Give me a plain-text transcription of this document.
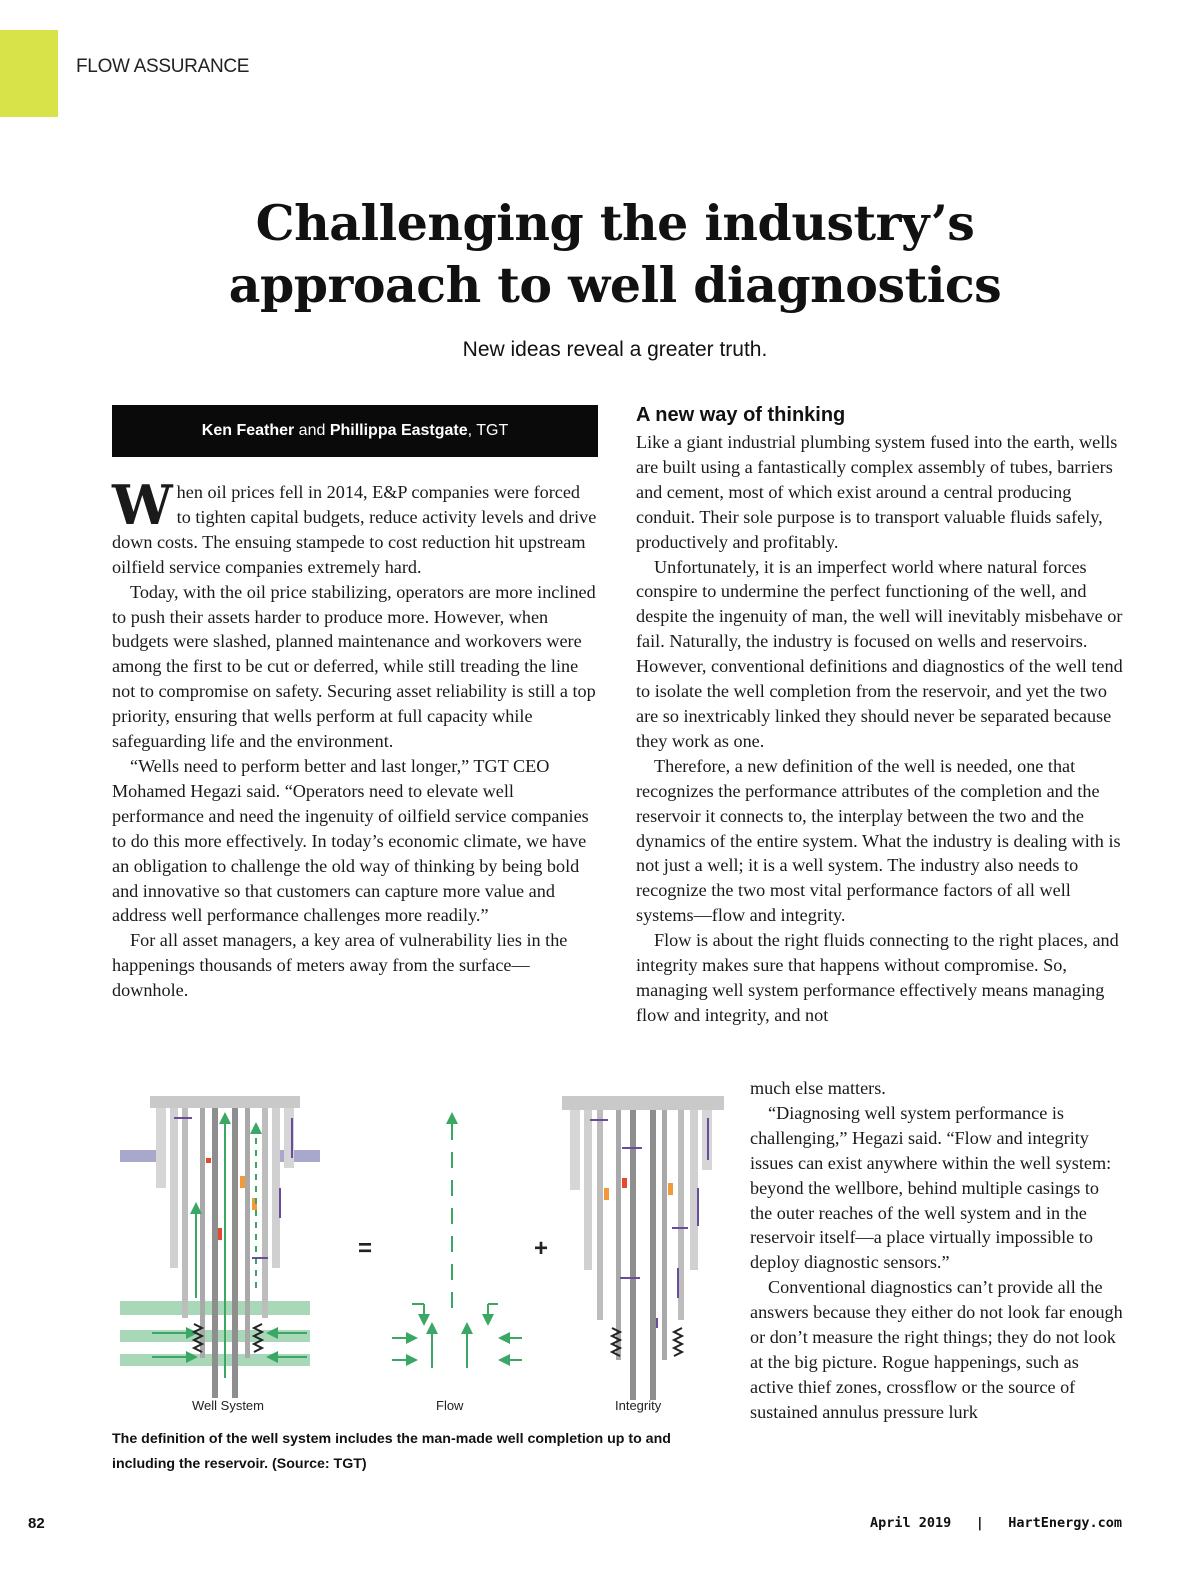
FLOW ASSURANCE
Challenging the industry’s
approach to well diagnostics
New ideas reveal a greater truth.
Ken Feather and Phillippa Eastgate, TGT

When oil prices fell in 2014, E&P companies were forced to tighten capital budgets, reduce activity levels and drive down costs. The ensuing stampede to cost reduction hit upstream oilfield service companies extremely hard.

Today, with the oil price stabilizing, operators are more inclined to push their assets harder to produce more. However, when budgets were slashed, planned maintenance and workovers were among the first to be cut or deferred, while still treading the line not to compromise on safety. Securing asset reliability is still a top priority, ensuring that wells perform at full capacity while safeguarding life and the environment.

“Wells need to perform better and last longer,” TGT CEO Mohamed Hegazi said. “Operators need to elevate well performance and need the ingenuity of oilfield service companies to do this more effectively. In today’s economic climate, we have an obligation to challenge the old way of thinking by being bold and innovative so that customers can capture more value and address well performance challenges more readily.”

For all asset managers, a key area of vulnerability lies in the happenings thousands of meters away from the surface—downhole.

A new way of thinking

Like a giant industrial plumbing system fused into the earth, wells are built using a fantastically complex assembly of tubes, barriers and cement, most of which exist around a central producing conduit. Their sole purpose is to transport valuable fluids safely, productively and profitably.

Unfortunately, it is an imperfect world where natural forces conspire to undermine the perfect functioning of the well, and despite the ingenuity of man, the well will inevitably misbehave or fail. Naturally, the industry is focused on wells and reservoirs. However, conventional definitions and diagnostics of the well tend to isolate the well completion from the reservoir, and yet the two are so inextricably linked they should never be separated because they work as one.

Therefore, a new definition of the well is needed, one that recognizes the performance attributes of the completion and the reservoir it connects to, the interplay between the two and the dynamics of the entire system. What the industry is dealing with is not just a well; it is a well system. The industry also needs to recognize the two most vital performance factors of all well systems—flow and integrity.

Flow is about the right fluids connecting to the right places, and integrity makes sure that happens without compromise. So, managing well system performance effectively means managing flow and integrity, and not

much else matters.

“Diagnosing well system performance is challenging,” Hegazi said. “Flow and integrity issues can exist anywhere within the well system: beyond the wellbore, behind multiple casings to the outer reaches of the well system and in the reservoir itself—a place virtually impossible to deploy diagnostic sensors.”

Conventional diagnostics can’t provide all the answers because they either do not look far enough or don’t measure the right things; they do not look at the big picture. Rogue happenings, such as active thief zones, crossflow or the source of sustained annulus pressure lurk

=	+
Well System	Flow	Integrity
The definition of the well system includes the man-made well completion up to and including the reservoir. (Source: TGT)
82	April 2019   |   HartEnergy.com
